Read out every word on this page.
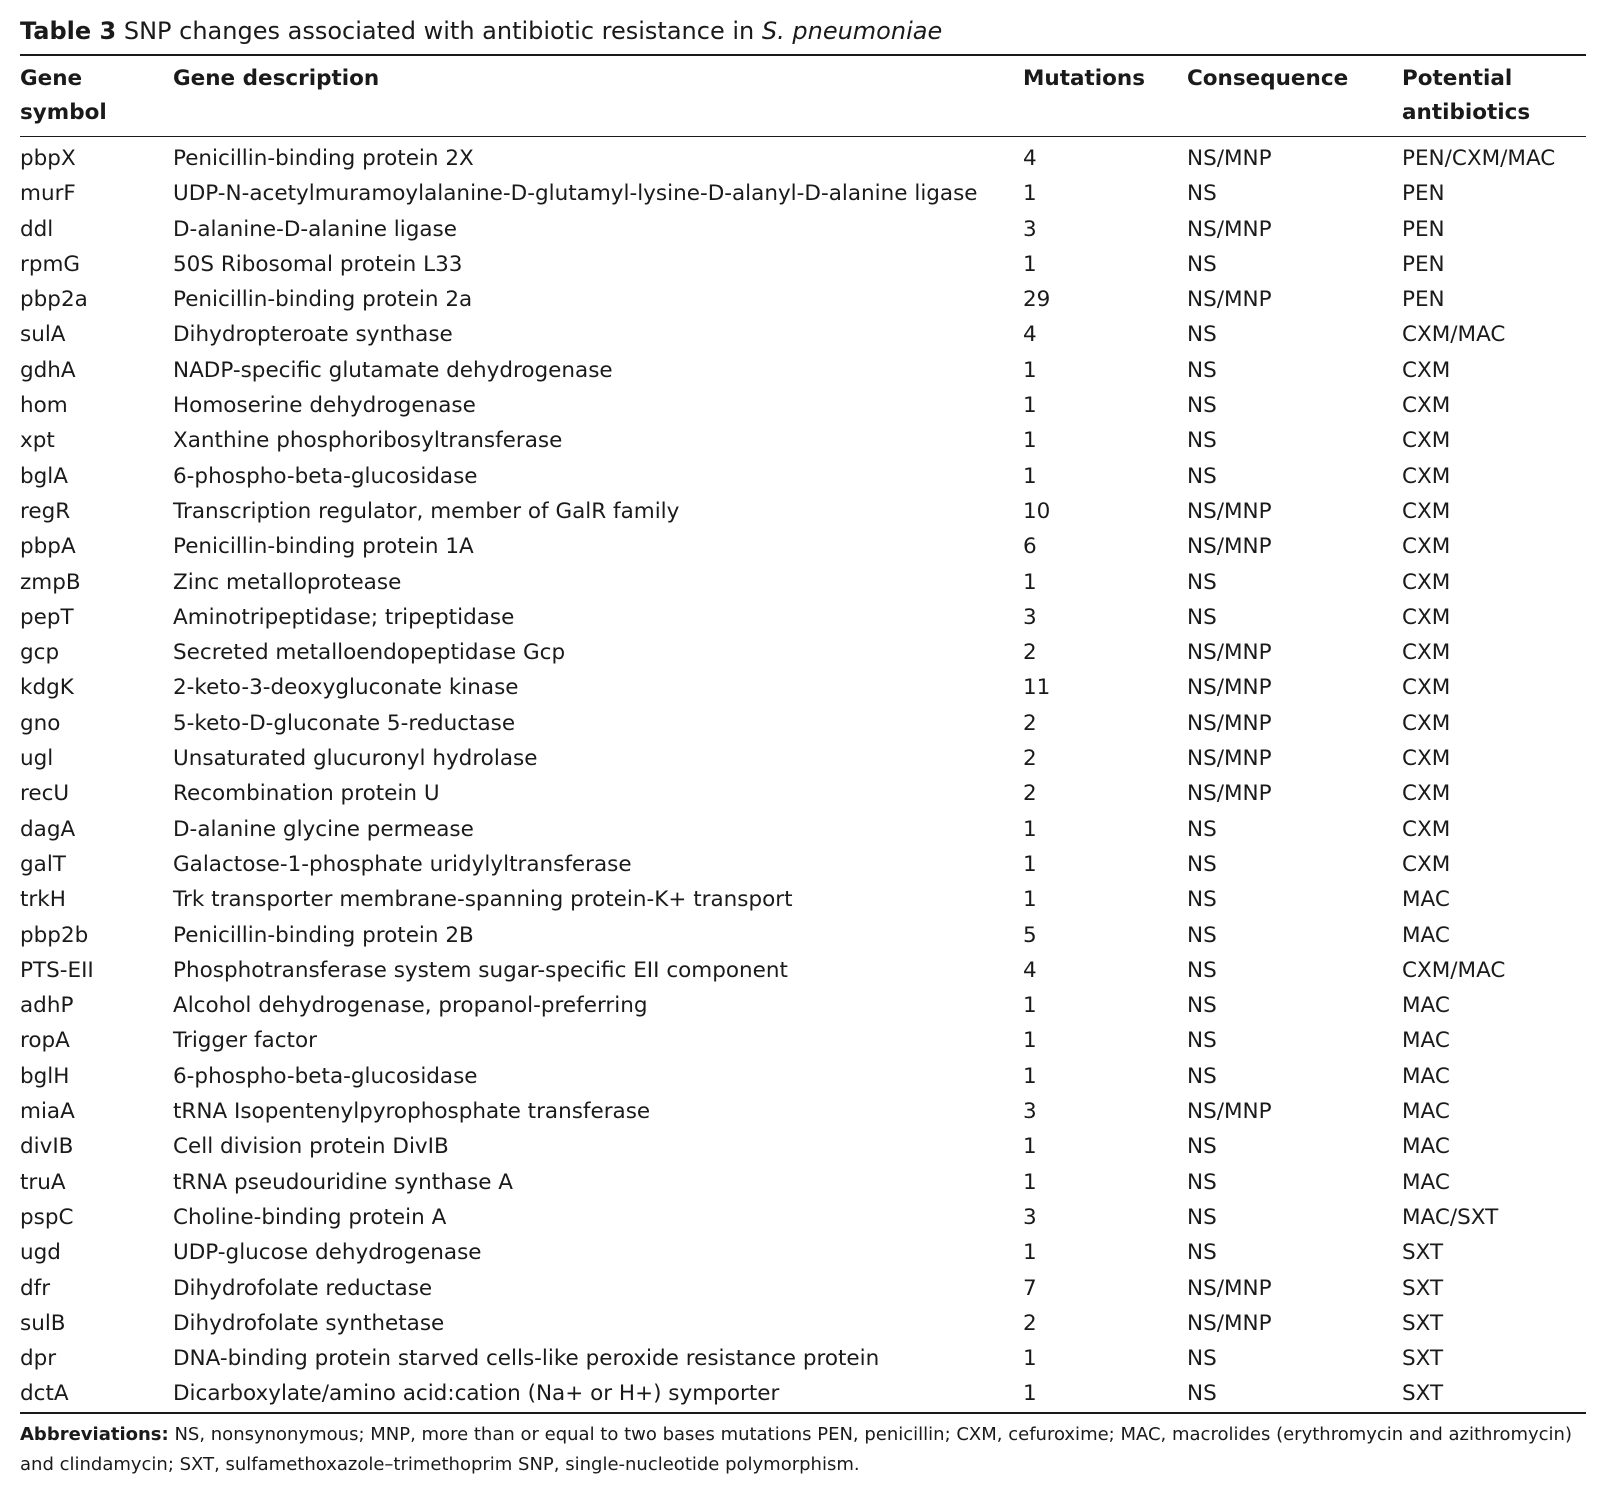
Table 3 SNP changes associated with antibiotic resistance in S. pneumoniae
Gene
symbol	Gene description	Mutations	Consequence	Potential
antibiotics
pbpX	Penicillin-binding protein 2X	4	NS/MNP	PEN/CXM/MAC
murF	UDP-N-acetylmuramoylalanine-D-glutamyl-lysine-D-alanyl-D-alanine ligase	1	NS	PEN
ddl	D-alanine-D-alanine ligase	3	NS/MNP	PEN
rpmG	50S Ribosomal protein L33	1	NS	PEN
pbp2a	Penicillin-binding protein 2a	29	NS/MNP	PEN
sulA	Dihydropteroate synthase	4	NS	CXM/MAC
gdhA	NADP-specific glutamate dehydrogenase	1	NS	CXM
hom	Homoserine dehydrogenase	1	NS	CXM
xpt	Xanthine phosphoribosyltransferase	1	NS	CXM
bglA	6-phospho-beta-glucosidase	1	NS	CXM
regR	Transcription regulator, member of GalR family	10	NS/MNP	CXM
pbpA	Penicillin-binding protein 1A	6	NS/MNP	CXM
zmpB	Zinc metalloprotease	1	NS	CXM
pepT	Aminotripeptidase; tripeptidase	3	NS	CXM
gcp	Secreted metalloendopeptidase Gcp	2	NS/MNP	CXM
kdgK	2-keto-3-deoxygluconate kinase	11	NS/MNP	CXM
gno	5-keto-D-gluconate 5-reductase	2	NS/MNP	CXM
ugl	Unsaturated glucuronyl hydrolase	2	NS/MNP	CXM
recU	Recombination protein U	2	NS/MNP	CXM
dagA	D-alanine glycine permease	1	NS	CXM
galT	Galactose-1-phosphate uridylyltransferase	1	NS	CXM
trkH	Trk transporter membrane-spanning protein-K+ transport	1	NS	MAC
pbp2b	Penicillin-binding protein 2B	5	NS	MAC
PTS-EII	Phosphotransferase system sugar-specific EII component	4	NS	CXM/MAC
adhP	Alcohol dehydrogenase, propanol-preferring	1	NS	MAC
ropA	Trigger factor	1	NS	MAC
bglH	6-phospho-beta-glucosidase	1	NS	MAC
miaA	tRNA Isopentenylpyrophosphate transferase	3	NS/MNP	MAC
divIB	Cell division protein DivIB	1	NS	MAC
truA	tRNA pseudouridine synthase A	1	NS	MAC
pspC	Choline-binding protein A	3	NS	MAC/SXT
ugd	UDP-glucose dehydrogenase	1	NS	SXT
dfr	Dihydrofolate reductase	7	NS/MNP	SXT
sulB	Dihydrofolate synthetase	2	NS/MNP	SXT
dpr	DNA-binding protein starved cells-like peroxide resistance protein	1	NS	SXT
dctA	Dicarboxylate/amino acid:cation (Na+ or H+) symporter	1	NS	SXT
Abbreviations: NS, nonsynonymous; MNP, more than or equal to two bases mutations PEN, penicillin; CXM, cefuroxime; MAC, macrolides (erythromycin and azithromycin) and clindamycin; SXT, sulfamethoxazole–trimethoprim SNP, single-nucleotide polymorphism.
